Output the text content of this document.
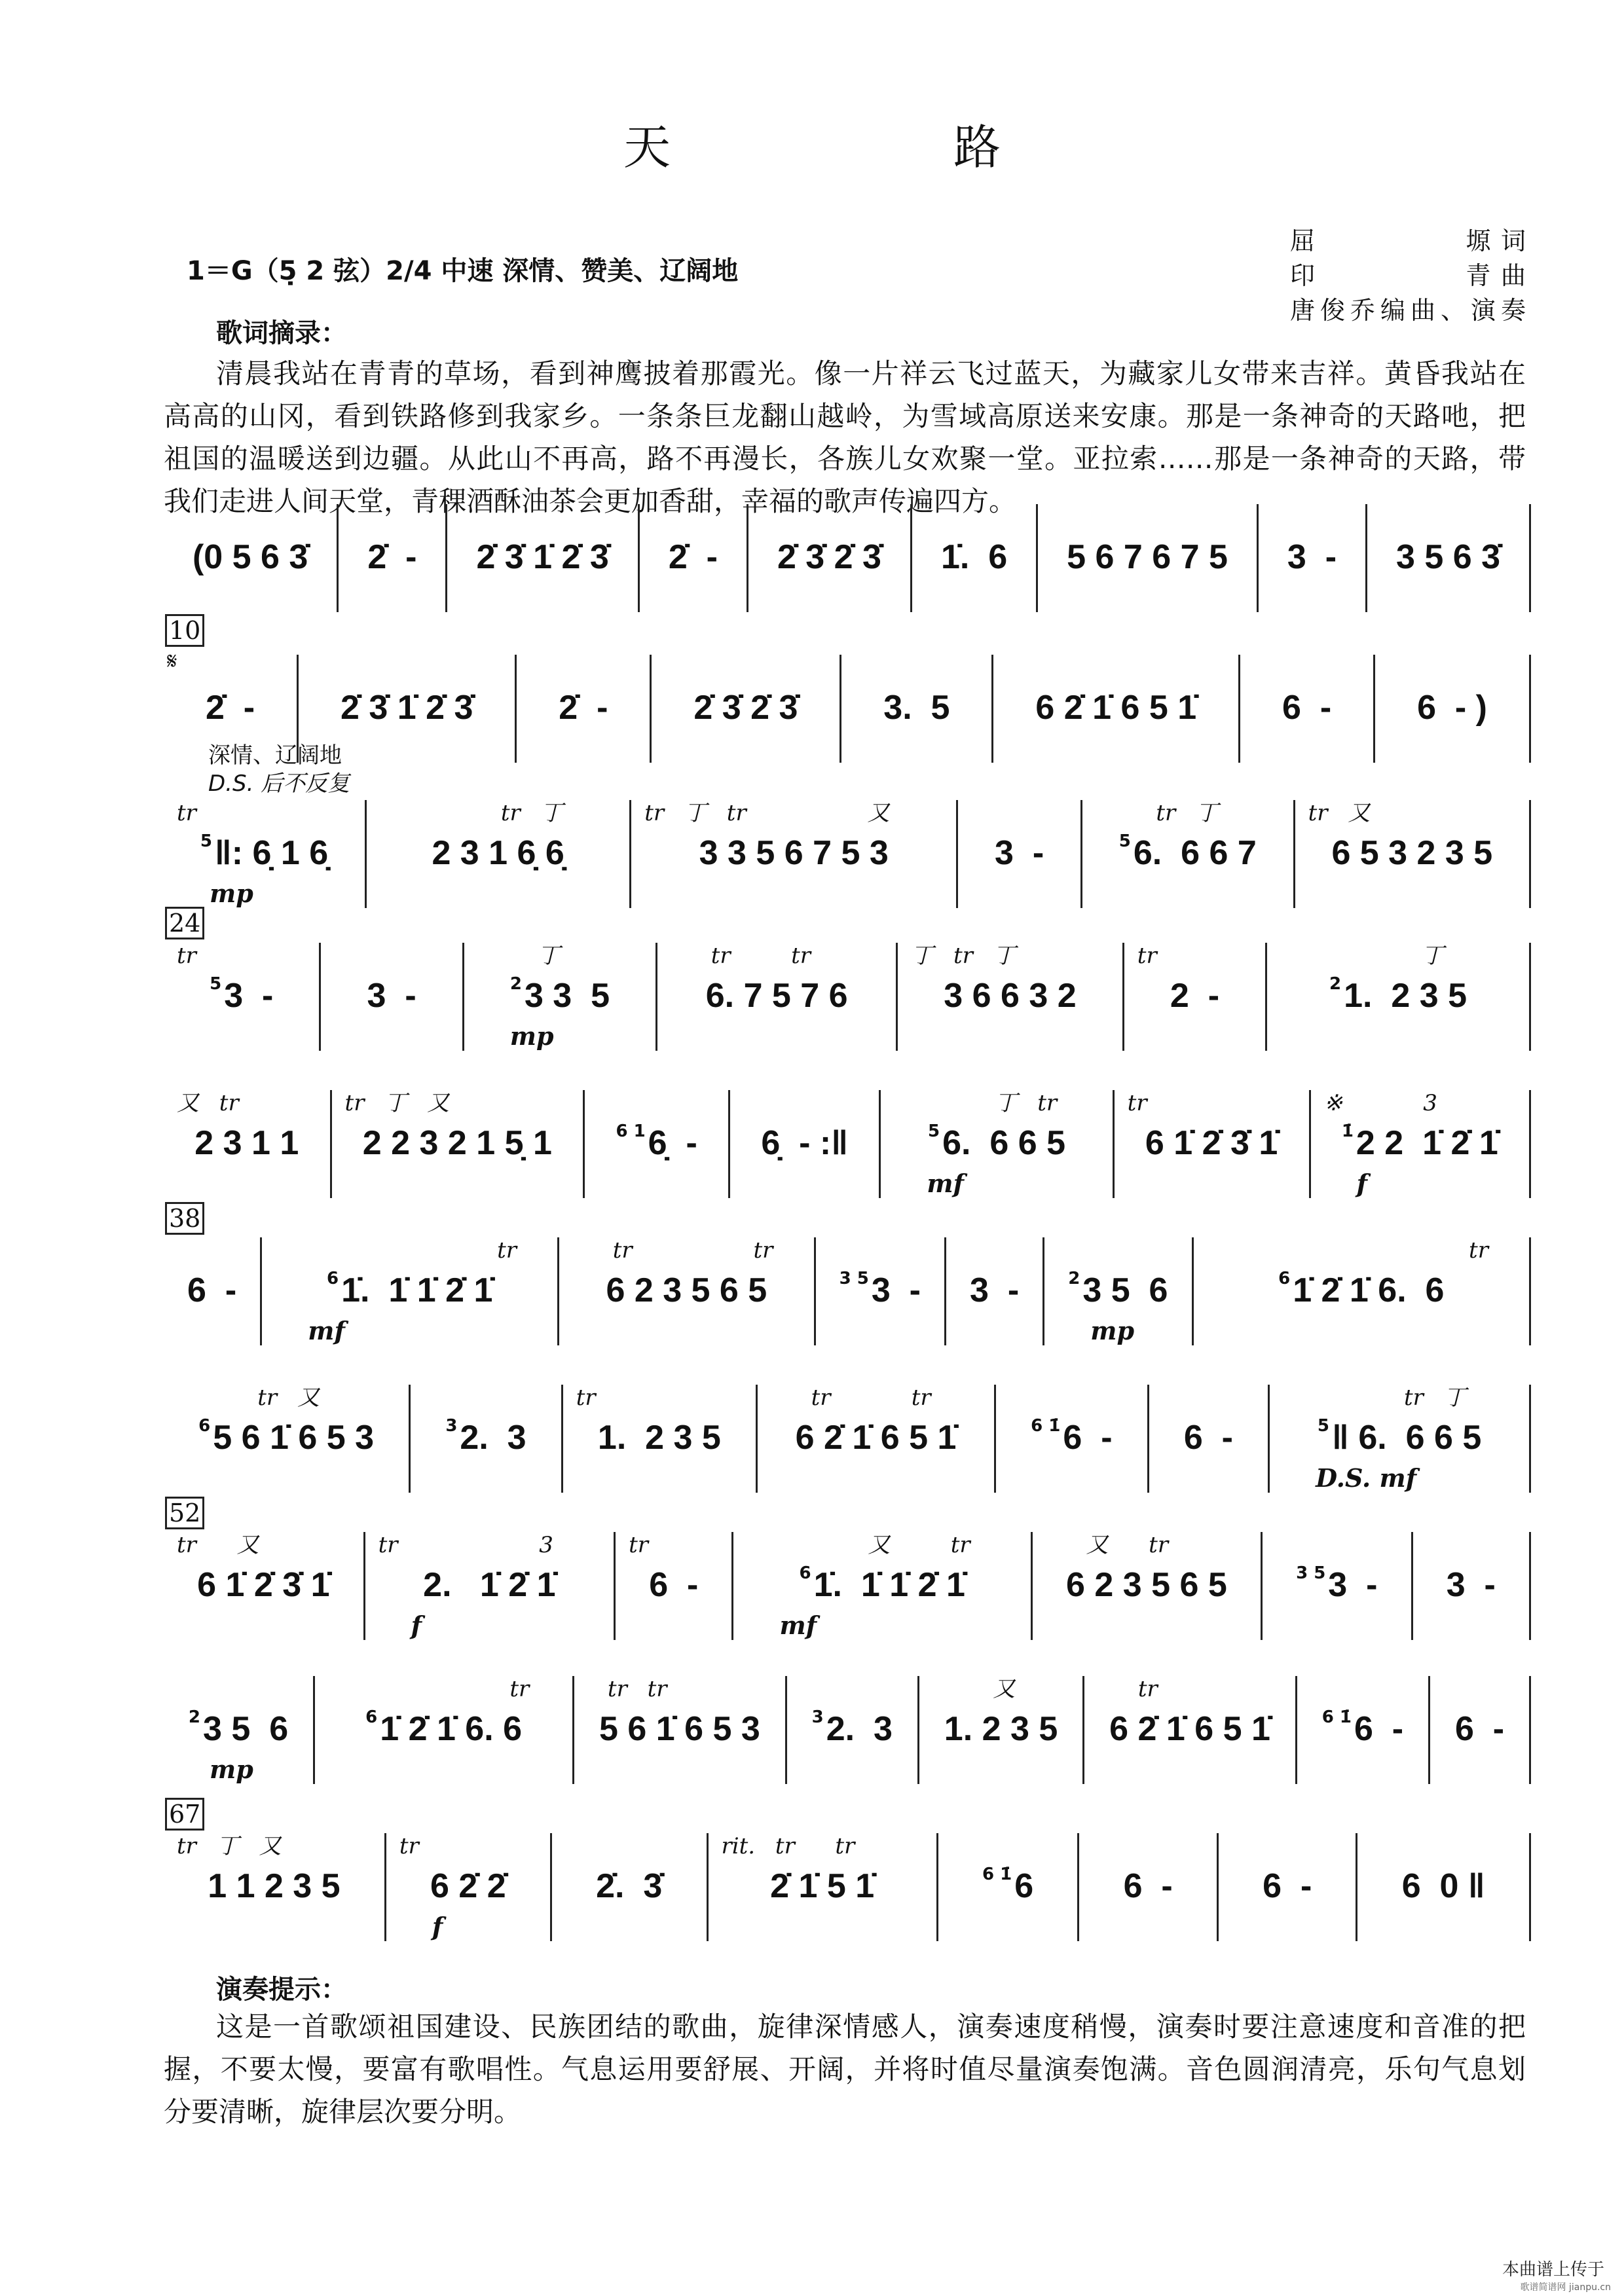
天　路
1＝G（5̣ 2 弦）2/4 中速 深情、赞美、辽阔地
屈　　　　塬词
印　　　　青曲
唐俊乔编曲、演奏
歌词摘录：
清晨我站在青青的草场，看到神鹰披着那霞光。像一片祥云飞过蓝天，为藏家儿女带来吉祥。黄昏我站在
高高的山冈，看到铁路修到我家乡。一条条巨龙翻山越岭，为雪域高原送来安康。那是一条神奇的天路吔，把
祖国的温暖送到边疆。从此山不再高，路不再漫长，各族儿女欢聚一堂。亚拉索……那是一条神奇的天路，带
我们走进人间天堂，青稞酒酥油茶会更加香甜，幸福的歌声传遍四方。
𝄋
深情、辽阔地
D.S. 后不反复
(0 5 6 3̇ 2̇  - 2̇ 3̇ 1̇ 2̇ 3̇ 2̇  - 2̇ 3̇ 2̇ 3̇ 1̇.  6 5 6 7 6 7 5 3  - 3 5 6 3̇
10
2̇  -	2̇ 3̇ 1̇ 2̇ 3̇	2̇  -	2̇ 3̇ 2̇ 3̇	3.  5	6 2̇ 1̇ 6 5 1̇	6  -	6  - )
tr
5 ‖: 6̣ 1 6̣
mp
tr 丁
2 3 1 6̣ 6̣
tr 丁 tr      又
3 3 5 6 7 5 3	3  -
tr 丁
5 6.  6 6 7
tr 又
6 5 3 2 3 5
24
tr
5 3  -	3  -
丁
2 3 3  5
mp
tr   tr
6. 7 5 7 6
丁 tr 丁
3 6 6 3 2
tr
2  -
丁
2 1.  2 3 5
又 tr
2 3 1 1
tr 丁 又
2 2 3 2 1 5̣ 1	6 1 6̣  - 6̣  - :‖
丁 tr
5 6.  6 6 5
mf
tr
6 1̇ 2̇ 3̇ 1̇
※    3
1̇ 2 2  1̇ 2̇ 1̇
f
38
6  -
tr
6 1̇.  1̇ 1̇ 2̇ 1̇
mf
tr      tr
6 2 3 5 6 5	3 5 3  - 3  -	2 3 5  6
mp
tr
6 1̇ 2̇ 1̇ 6.  6
tr 又
6 5 6 1̇ 6 5 3	3 2.  3
tr
1.  2 3 5
tr    tr
6 2̇ 1̇ 6 5 1̇	6 1̇ 6  - 6  -
tr 丁
5 ‖ 6.  6 6 5
D.S. mf
52
tr  又
6 1̇ 2̇ 3̇ 1̇
tr       3
2.   1̇ 2̇ 1̇
f
tr
6  -
又   tr
6 1̇.  1̇ 1̇ 2̇ 1̇
mf
又  tr
6 2 3 5 6 5	3 5 3  - 3  -
2 3 5  6
mp
tr
6 1̇ 2̇ 1̇ 6. 6
tr tr
5 6 1̇ 6 5 3	3 2.  3
又
1. 2 3 5
tr
6 2̇ 1̇ 6 5 1̇	6 1̇ 6  - 6  -
67
tr 丁 又
1 1 2 3 5
tr
6 2̇ 2̇
f
2̇.  3̇
rit. tr  tr
2̇ 1̇ 5 1̇	6 1̇ 6	6  -	6  -	6  0 ‖
演奏提示：
这是一首歌颂祖国建设、民族团结的歌曲，旋律深情感人，演奏速度稍慢，演奏时要注意速度和音准的把
握，不要太慢，要富有歌唱性。气息运用要舒展、开阔，并将时值尽量演奏饱满。音色圆润清亮，乐句气息划
分要清晰，旋律层次要分明。
本曲谱上传于
歌谱简谱网 jianpu.cn
